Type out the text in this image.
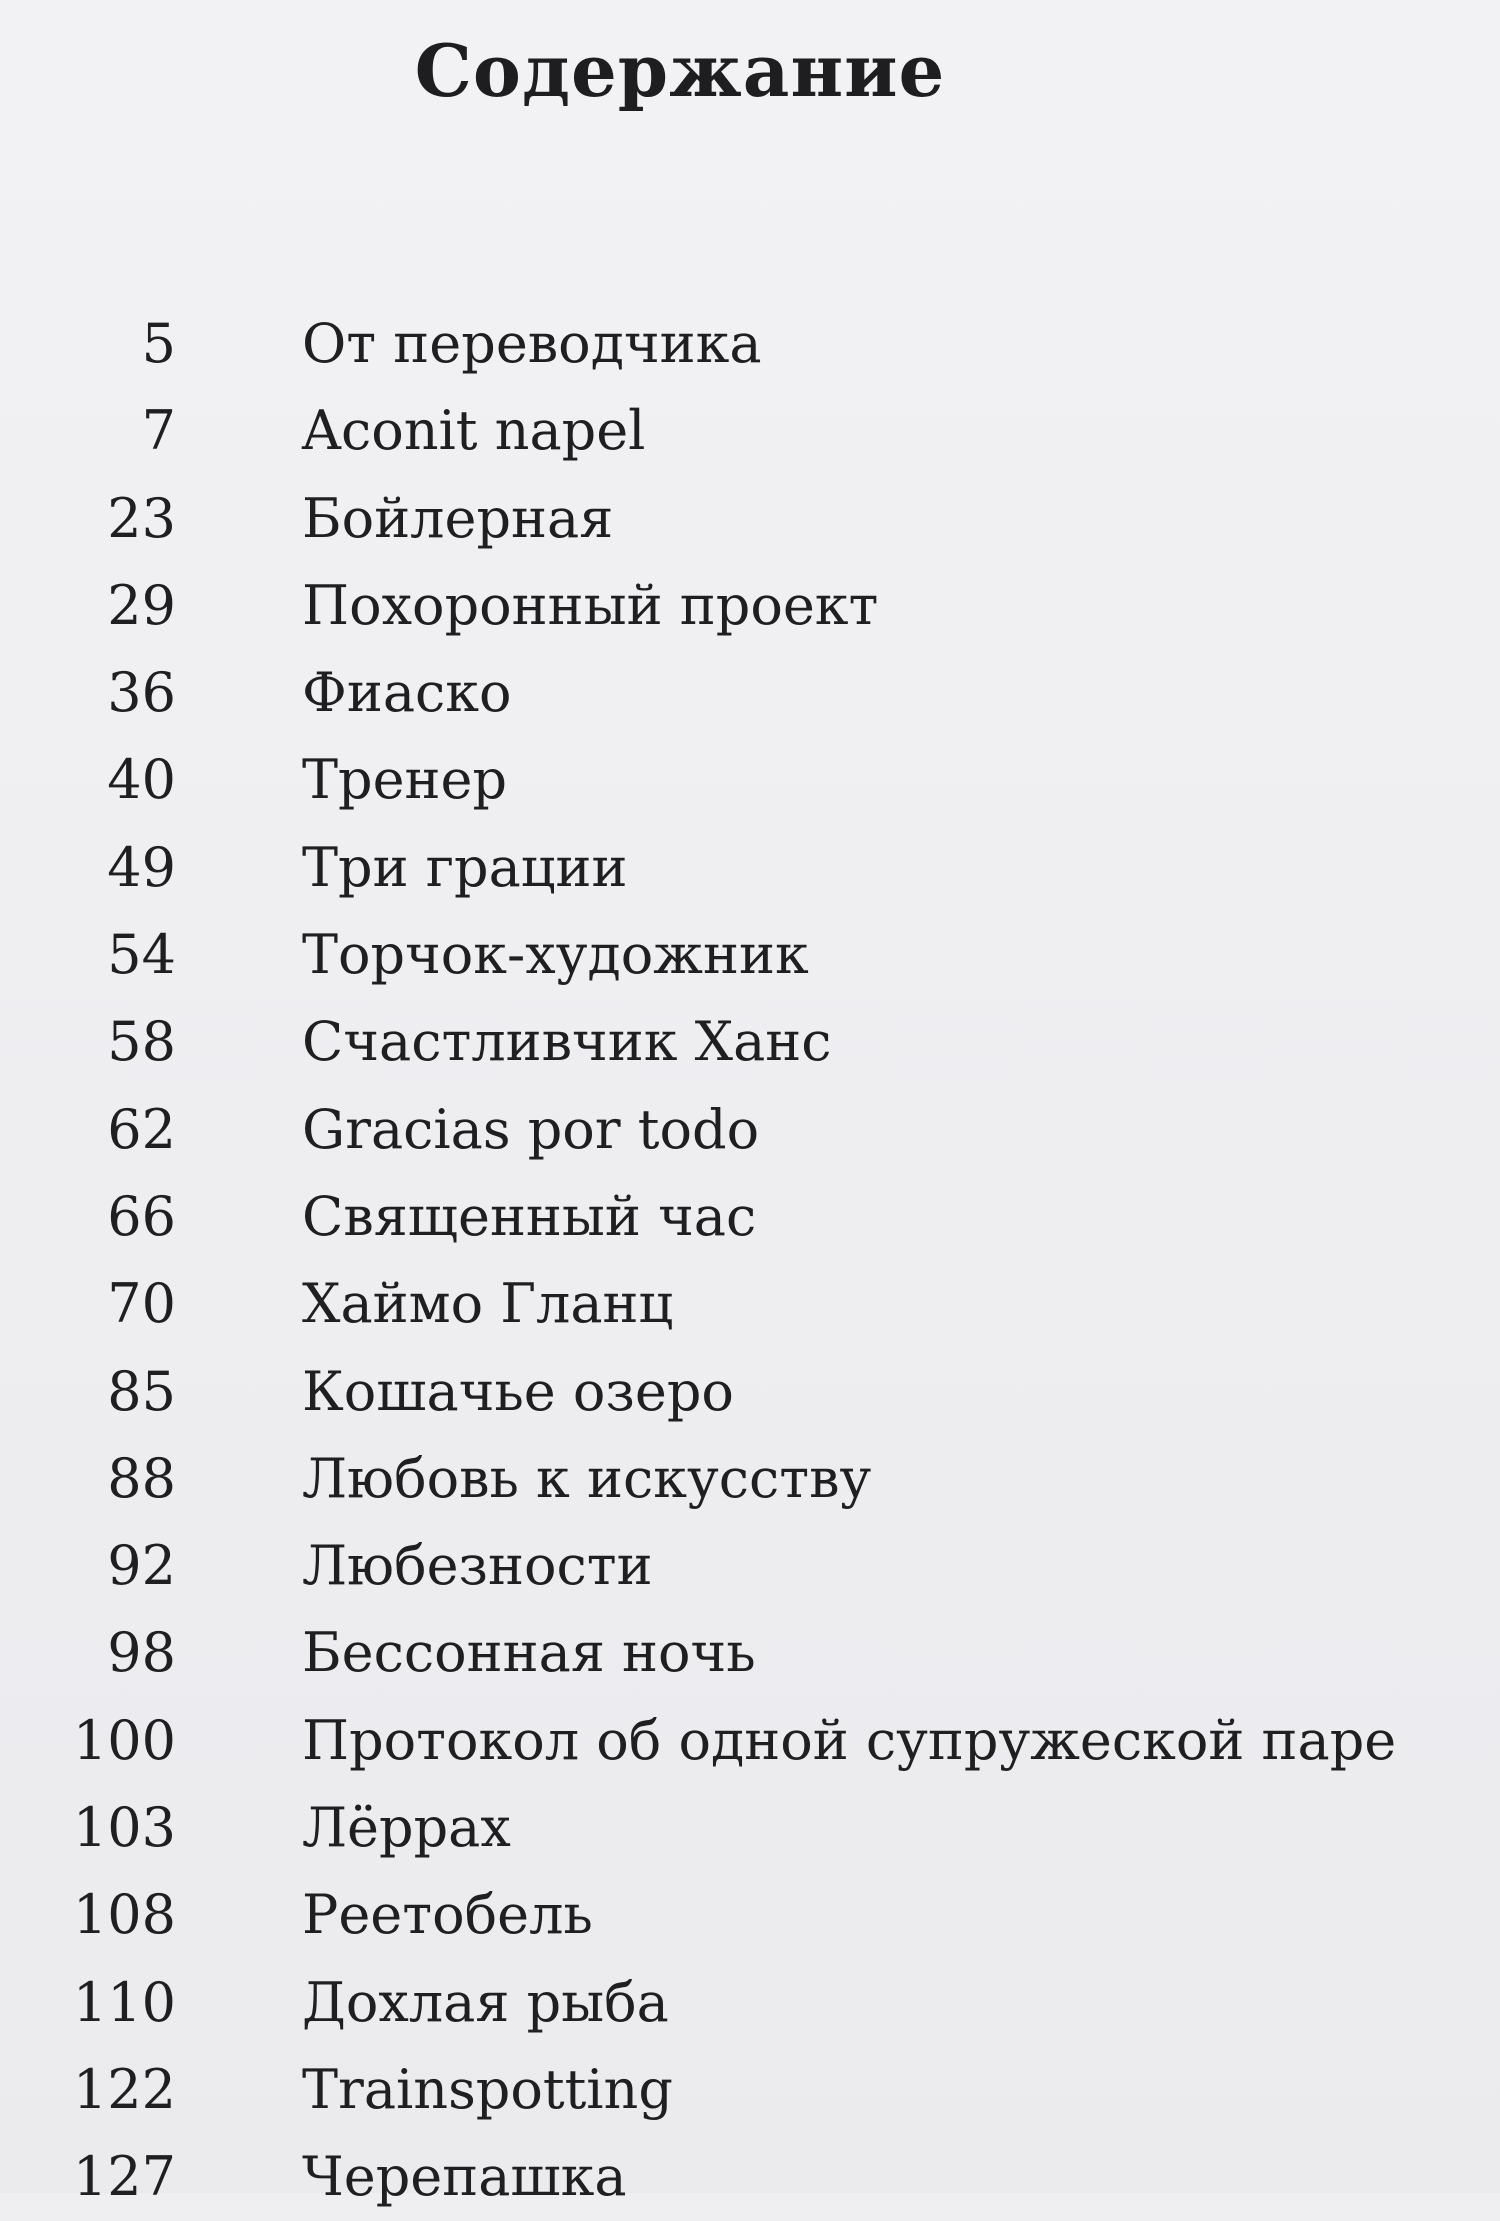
Содержание
5 От переводчика
7 Aconit napel
23 Бойлерная
29 Похоронный проект
36 Фиаско
40 Тренер
49 Три грации
54 Торчок-художник
58 Счастливчик Ханс
62 Gracias por todo
66 Священный час
70 Хаймо Гланц
85 Кошачье озеро
88 Любовь к искусству
92 Любезности
98 Бессонная ночь
100 Протокол об одной супружеской паре
103 Лёррах
108 Реетобель
110 Дохлая рыба
122 Trainspotting
127 Черепашка
